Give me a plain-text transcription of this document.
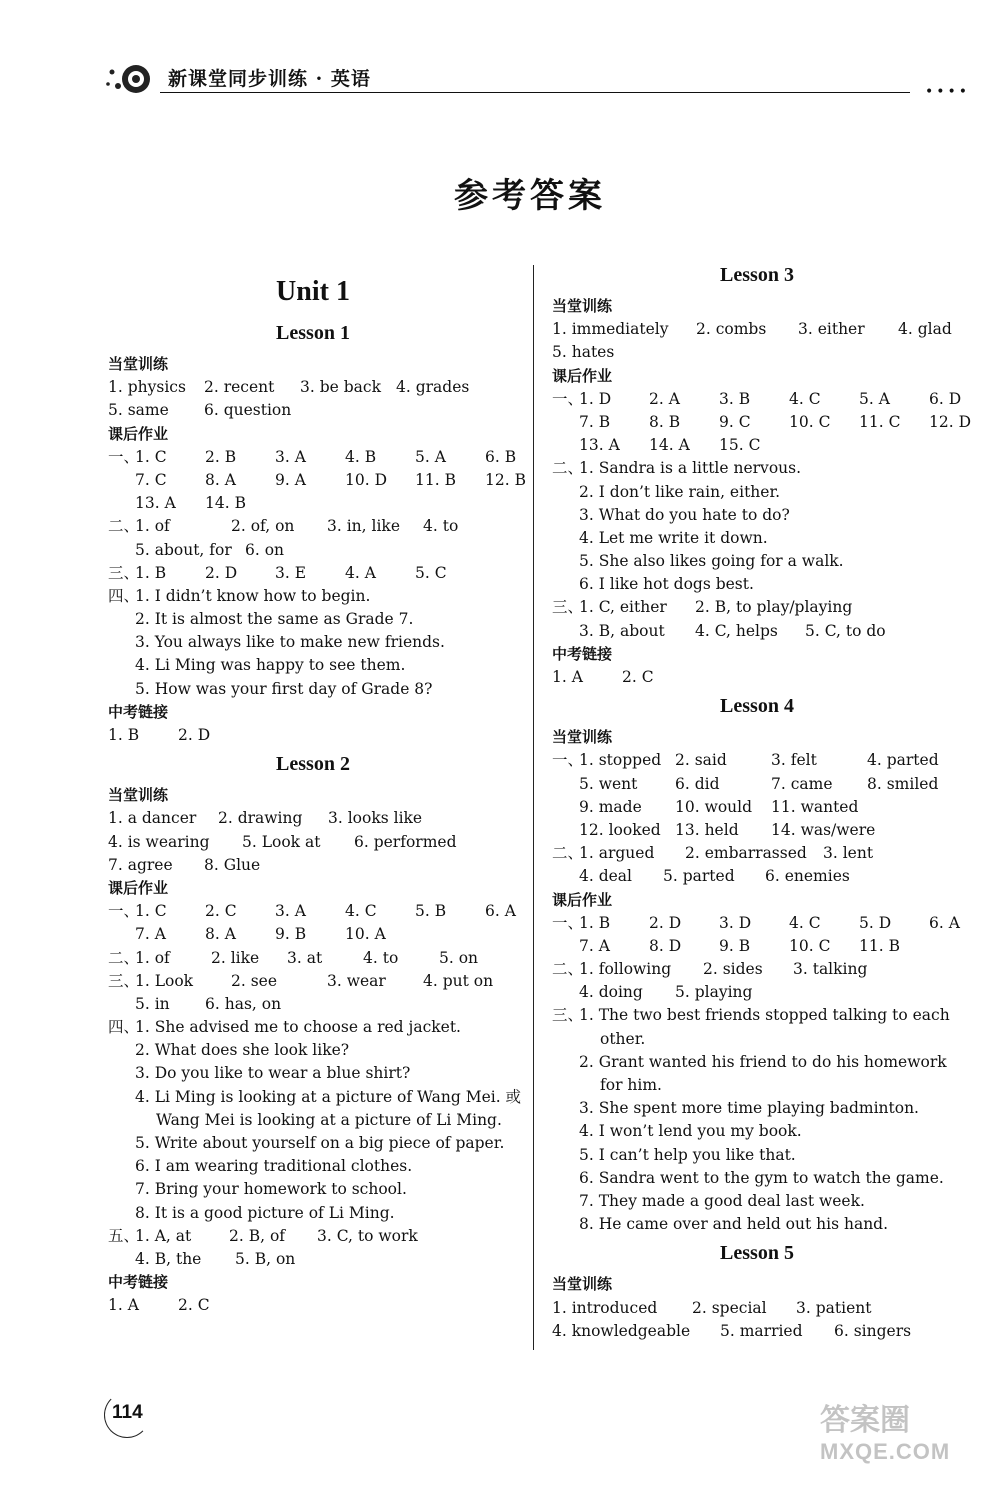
新课堂同步训练 · 英语
••••
参考答案
Unit 1
Lesson 1
当堂训练
1. physics	2. recent	3. be back 4. grades
5. same	6. question
课后作业
一、
1. C	2. B	3. A	4. B	5. A	6. B
7. C	8. A	9. A	10. D	11. B	12. B
13. A	14. B
二、
1. of	2. of, on	3. in, like	4. to
5. about, for 6. on
三、
1. B	2. D	3. E	4. A	5. C
四、
1. I didn’t know how to begin.
2. It is almost the same as Grade 7.
3. You always like to make new friends.
4. Li Ming was happy to see them.
5. How was your first day of Grade 8?
中考链接
1. B	2. D
Lesson 2
当堂训练
1. a dancer	2. drawing	3. looks like
4. is wearing	5. Look at	6. performed
7. agree	8. Glue
课后作业
一、
1. C	2. C	3. A	4. C	5. B	6. A
7. A	8. A	9. B	10. A
二、
1. of	2. like	3. at	4. to	5. on
三、
1. Look	2. see	3. wear	4. put on
5. in	6. has, on
四、
1. She advised me to choose a red jacket.
2. What does she look like?
3. Do you like to wear a blue shirt?
4. Li Ming is looking at a picture of Wang Mei. 或
Wang Mei is looking at a picture of Li Ming.
5. Write about yourself on a big piece of paper.
6. I am wearing traditional clothes.
7. Bring your homework to school.
8. It is a good picture of Li Ming.
五、
1. A, at	2. B, of	3. C, to work
4. B, the	5. B, on
中考链接
1. A	2. C
Lesson 3
当堂训练
1. immediately	2. combs	3. either	4. glad
5. hates
课后作业
一、
1. D	2. A	3. B	4. C	5. A	6. D
7. B	8. B	9. C	10. C	11. C	12. D
13. A	14. A	15. C
二、
1. Sandra is a little nervous.
2. I don’t like rain, either.
3. What do you hate to do?
4. Let me write it down.
5. She also likes going for a walk.
6. I like hot dogs best.
三、
1. C, either	2. B, to play/playing
3. B, about	4. C, helps	5. C, to do
中考链接
1. A	2. C
Lesson 4
当堂训练
一、
1. stopped 2. said	3. felt	4. parted
5. went	6. did	7. came	8. smiled
9. made	10. would	11. wanted
12. looked 13. held	14. was/were
二、
1. argued	2. embarrassed	3. lent
4. deal	5. parted	6. enemies
课后作业
一、
1. B	2. D	3. D	4. C	5. D	6. A
7. A	8. D	9. B	10. C	11. B
二、
1. following	2. sides	3. talking
4. doing	5. playing
三、
1. The two best friends stopped talking to each
other.
2. Grant wanted his friend to do his homework
for him.
3. She spent more time playing badminton.
4. I won’t lend you my book.
5. I can’t help you like that.
6. Sandra went to the gym to watch the game.
7. They made a good deal last week.
8. He came over and held out his hand.
Lesson 5
当堂训练
1. introduced	2. special	3. patient
4. knowledgeable	5. married	6. singers
114	答案圈
MXQE.COM
